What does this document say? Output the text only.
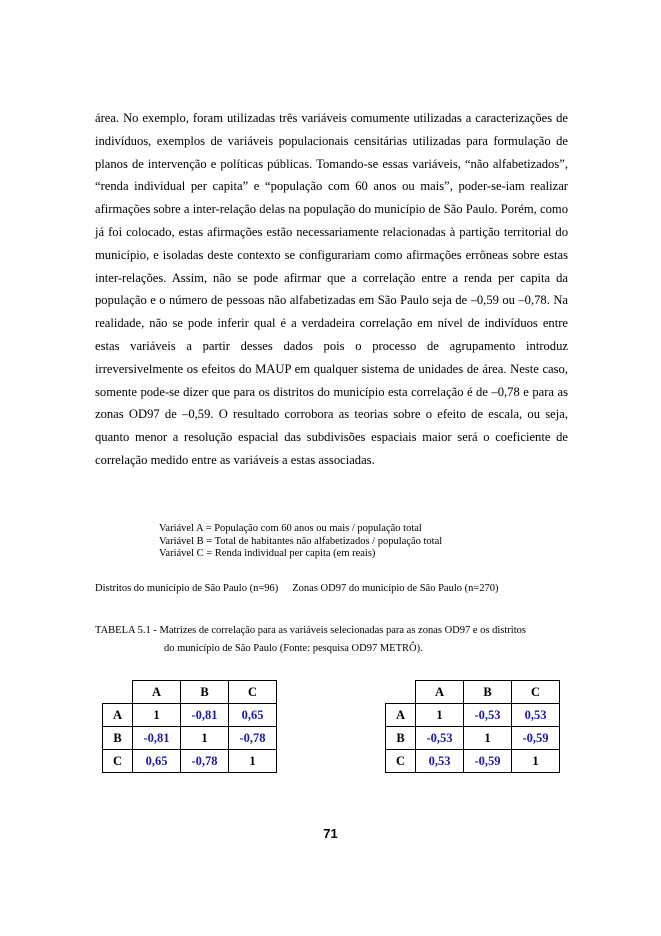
área. No exemplo, foram utilizadas três variáveis comumente utilizadas a caracterizações de indivíduos, exemplos de variáveis populacionais censitárias utilizadas para formulação de planos de intervenção e políticas públicas. Tomando-se essas variáveis, “não alfabetizados”, “renda individual per capita” e “população com 60 anos ou mais”, poder-se-iam realizar afirmações sobre a inter-relação delas na população do município de São Paulo. Porém, como já foi colocado, estas afirmações estão necessariamente relacionadas à partição territorial do município, e isoladas deste contexto se configurariam como afirmações errôneas sobre estas inter-relações. Assim, não se pode afirmar que a correlação entre a renda per capita da população e o número de pessoas não alfabetizadas em São Paulo seja de –0,59 ou –0,78. Na realidade, não se pode inferir qual é a verdadeira correlação em nível de indivíduos entre estas variáveis a partir desses dados pois o processo de agrupamento introduz irreversivelmente os efeitos do MAUP em qualquer sistema de unidades de área. Neste caso, somente pode-se dizer que para os distritos do município esta correlação é de –0,78 e para as zonas OD97 de –0,59. O resultado corrobora as teorias sobre o efeito de escala, ou seja, quanto menor a resolução espacial das subdivisões espaciais maior será o coeficiente de correlação medido entre as variáveis a estas associadas.

Variável A = População com 60 anos ou mais / população total
Variável B = Total de habitantes não alfabetizados / população total
Variável C = Renda individual per capita (em reais)
Distritos do município de São Paulo (n=96) Zonas OD97 do município de São Paulo (n=270)
TABELA 5.1 - Matrizes de correlação para as variáveis selecionadas para as zonas OD97 e os distritos
do município de São Paulo (Fonte: pesquisa OD97 METRÔ).
	A	B	C
A	1	-0,81	0,65
B	-0,81	1	-0,78
C	0,65	-0,78	1
	A	B	C
A	1	-0,53	0,53
B	-0,53	1	-0,59
C	0,53	-0,59	1
71
